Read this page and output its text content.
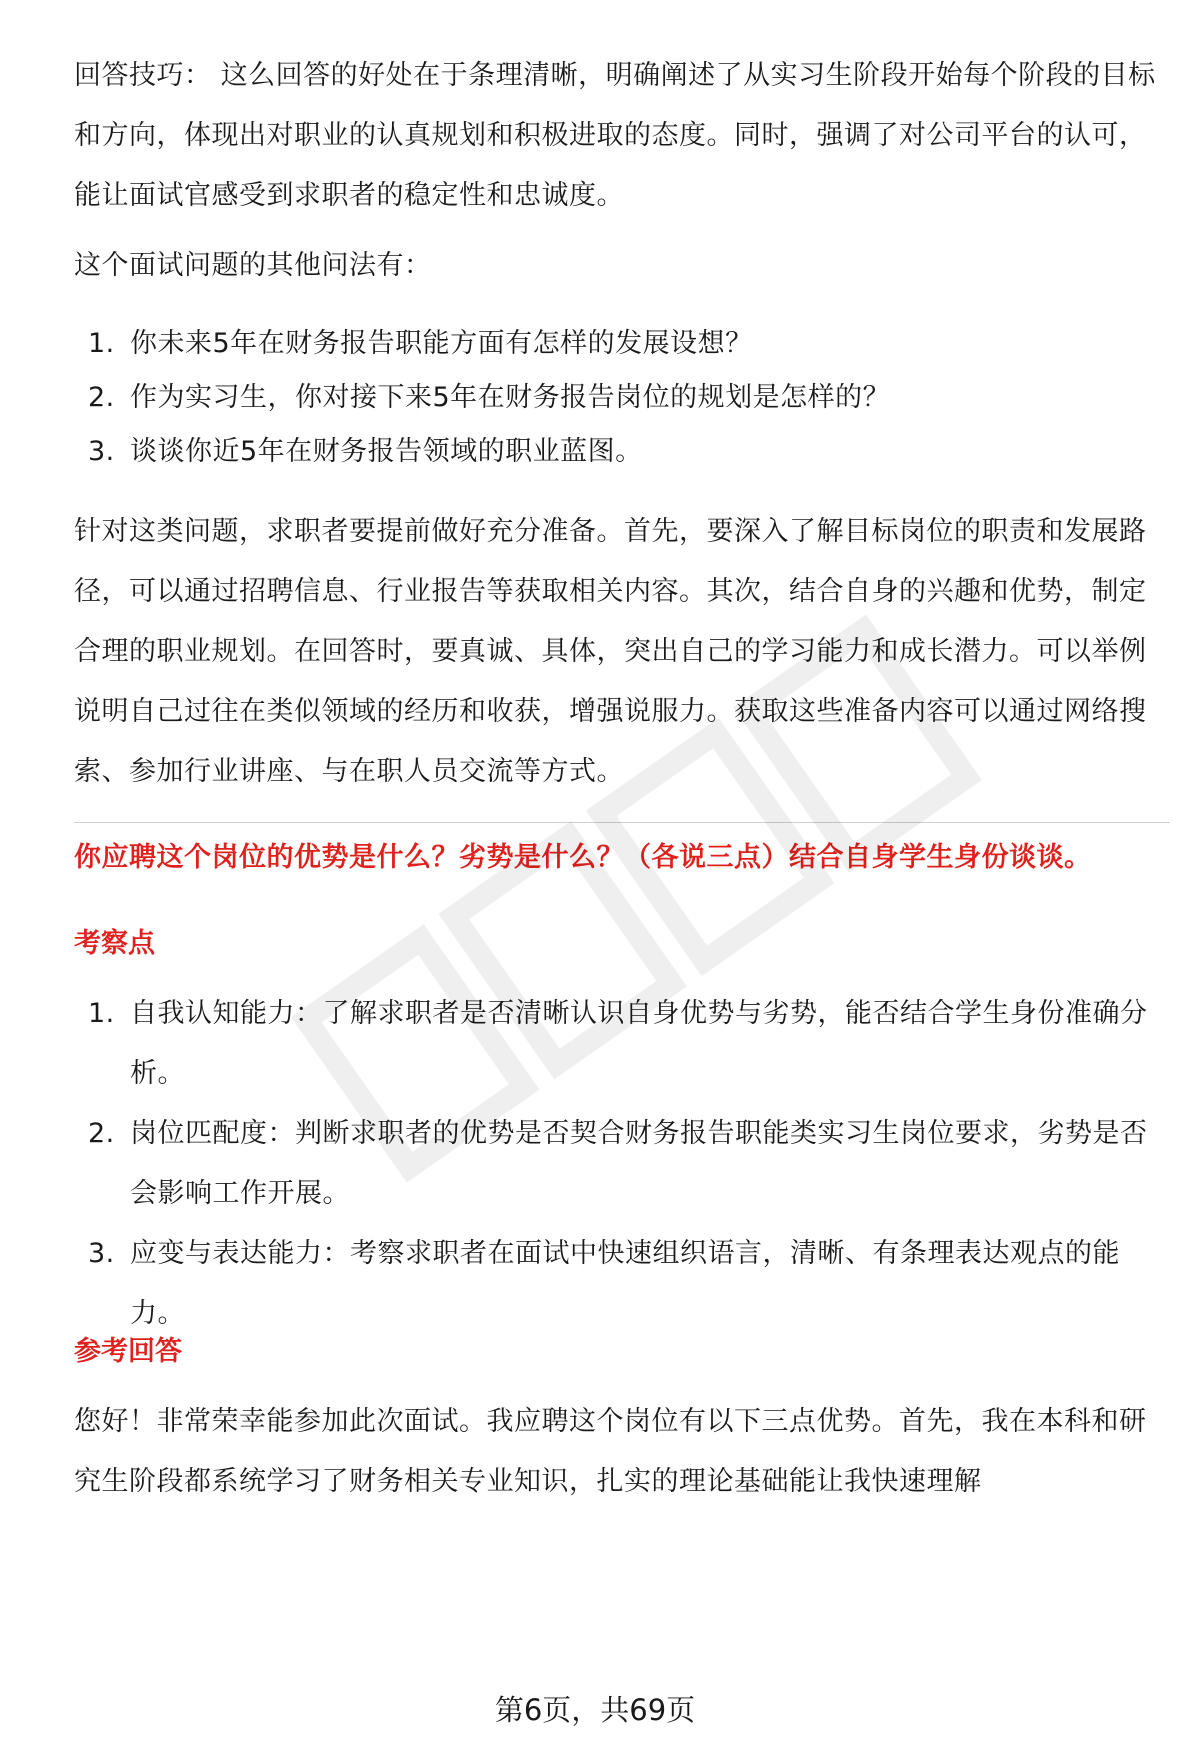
回答技巧： 这么回答的好处在于条理清晰，明确阐述了从实习生阶段开始每个阶段的目标和方向，体现出对职业的认真规划和积极进取的态度。同时，强调了对公司平台的认可，能让面试官感受到求职者的稳定性和忠诚度。

这个面试问题的其他问法有：

1. 你未来5年在财务报告职能方面有怎样的发展设想？
2. 作为实习生，你对接下来5年在财务报告岗位的规划是怎样的？
3. 谈谈你近5年在财务报告领域的职业蓝图。

针对这类问题，求职者要提前做好充分准备。首先，要深入了解目标岗位的职责和发展路径，可以通过招聘信息、行业报告等获取相关内容。其次，结合自身的兴趣和优势，制定合理的职业规划。在回答时，要真诚、具体，突出自己的学习能力和成长潜力。可以举例说明自己过往在类似领域的经历和收获，增强说服力。获取这些准备内容可以通过网络搜索、参加行业讲座、与在职人员交流等方式。

你应聘这个岗位的优势是什么？劣势是什么？（各说三点）结合自身学生身份谈谈。

考察点

1. 自我认知能力：了解求职者是否清晰认识自身优势与劣势，能否结合学生身份准确分析。
2. 岗位匹配度：判断求职者的优势是否契合财务报告职能类实习生岗位要求，劣势是否会影响工作开展。
3. 应变与表达能力：考察求职者在面试中快速组织语言，清晰、有条理表达观点的能力。

参考回答

您好！非常荣幸能参加此次面试。我应聘这个岗位有以下三点优势。首先，我在本科和研究生阶段都系统学习了财务相关专业知识，扎实的理论基础能让我快速理解

第6页，共69页
